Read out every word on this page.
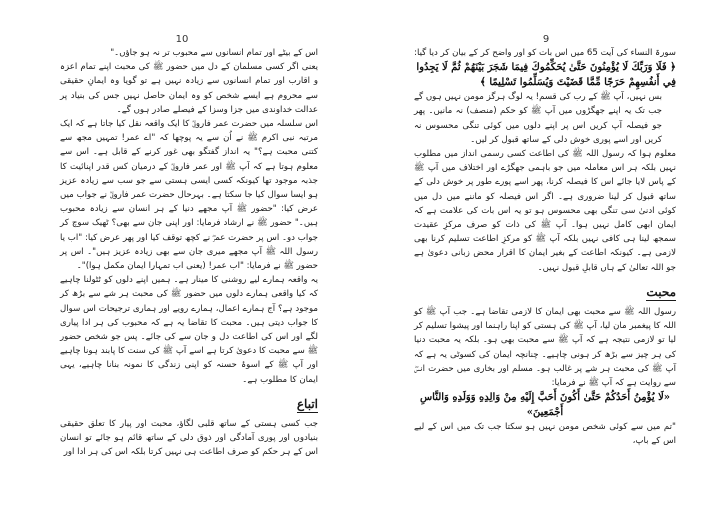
10

اس کے بیٹے اور تمام انسانوں سے محبوب تر نہ ہو جاؤں۔"

یعنی اگر کسی مسلمان کے دل میں حضور ﷺ کی محبت اپنے تمام اعزہ و اقارب اور تمام انسانوں سے زیادہ نہیں ہے تو گویا وہ ایمانِ حقیقی سے محروم ہے ایسے شخص کو وہ ایمان حاصل نہیں جس کی بنیاد پر عدالت خداوندی میں جزا وسزا کے فیصلے صادر ہوں گے۔

اس سلسلہ میں حضرت عمر فاروقؓ کا ایک واقعہ نقل کیا جاتا ہے کہ ایک مرتبہ نبی اکرم ﷺ نے اُن سے یہ پوچھا کہ "اے عمر! تمہیں مجھ سے کتنی محبت ہے؟" یہ انداز گفتگو بھی غور کرنے کے قابل ہے۔ اس سے معلوم ہوتا ہے کہ آپ ﷺ اور عمر فاروقؓ کے درمیان کس قدر اپنائیت کا جذبہ موجود تھا کیونکہ کسی ایسی ہستی سے جو سب سے زیادہ عزیز ہو ایسا سوال کیا جا سکتا ہے۔ بہرحال حضرت عمر فاروقؓ نے جواب میں عرض کیا: "حضور ﷺ آپ مجھے دنیا کے ہر انسان سے زیادہ محبوب ہیں۔" حضور ﷺ نے ارشاد فرمایا: اور اپنی جان سے بھی؟ ٹھیک سوچ کر جواب دو۔ اس پر حضرت عمرؓ نے کچھ توقف کیا اور پھر عرض کیا: "اب یا رسول اللہ ﷺ آپ مجھے میری جان سے بھی زیادہ عزیز ہیں"۔ اس پر حضور ﷺ نے فرمایا: "اب عمر! (یعنی اب تمہارا ایمان مکمل ہوا)"۔

یہ واقعہ ہمارے لیے روشنی کا مینار ہے۔ ہمیں اپنے دلوں کو ٹٹولنا چاہیے کہ کیا واقعی ہمارے دلوں میں حضور ﷺ کی محبت ہر شے سے بڑھ کر موجود ہے؟ آج ہمارے اعمال، ہمارے رویے اور ہماری ترجیحات اس سوال کا جواب دیتی ہیں۔ محبت کا تقاضا یہ ہے کہ محبوب کی ہر ادا پیاری لگے اور اس کی اطاعت دل و جان سے کی جائے۔ پس جو شخص حضور ﷺ سے محبت کا دعویٰ کرتا ہے اسے آپ ﷺ کی سنت کا پابند ہونا چاہیے اور آپ ﷺ کے اسوۂ حسنہ کو اپنی زندگی کا نمونہ بنانا چاہیے، یہی ایمان کا مطلوب ہے۔

اتباع

جب کسی ہستی کے ساتھ قلبی لگاؤ، محبت اور پیار کا تعلق حقیقی بنیادوں اور پوری آمادگی اور ذوق دلی کے ساتھ قائم ہو جائے تو انسان اس کے ہر حکم کو صرف اطاعت ہی نہیں کرتا بلکہ اس کی ہر ادا اور

9

سورۃ النساء کی آیت 65 میں اس بات کو اور واضح کر کے بیان کر دیا گیا:

﴿ فَلَا وَرَبِّكَ لَا يُؤْمِنُونَ حَتَّىٰ يُحَكِّمُوكَ فِيمَا شَجَرَ بَيْنَهُمْ ثُمَّ لَا يَجِدُوا فِي أَنفُسِهِمْ حَرَجًا مِّمَّا قَضَيْتَ وَيُسَلِّمُوا تَسْلِيمًا ﴾

بس نہیں، آپ ﷺ کے رب کی قسم! یہ لوگ ہرگز مومن نہیں ہوں گے جب تک یہ اپنے جھگڑوں میں آپ ﷺ کو حکم (منصف) نہ مانیں۔ پھر جو فیصلہ آپ کریں اس پر اپنے دلوں میں کوئی تنگی محسوس نہ کریں اور اسے پوری خوش دلی کے ساتھ قبول کر لیں۔

معلوم ہوا کہ رسول اللہ ﷺ کی اطاعت کسی رسمی انداز میں مطلوب نہیں بلکہ ہر اس معاملہ میں جو باہمی جھگڑے اور اختلاف میں آپ ﷺ کے پاس لایا جائے اس کا فیصلہ کرنا، پھر اسے پورے طور پر خوش دلی کے ساتھ قبول کر لینا ضروری ہے۔ اگر اس فیصلہ کو ماننے میں دل میں کوئی ادنیٰ سی تنگی بھی محسوس ہو تو یہ اس بات کی علامت ہے کہ ایمان ابھی کامل نہیں ہوا۔ آپ ﷺ کی ذات کو صرف مرکزِ عقیدت سمجھ لینا ہی کافی نہیں بلکہ آپ ﷺ کو مرکزِ اطاعت تسلیم کرنا بھی لازمی ہے۔ کیونکہ اطاعت کے بغیر ایمان کا اقرار محض زبانی دعویٰ ہے جو اللہ تعالیٰ کے ہاں قابلِ قبول نہیں۔

محبت

رسول اللہ ﷺ سے محبت بھی ایمان کا لازمی تقاضا ہے۔ جب آپ ﷺ کو اللہ کا پیغمبر مان لیا، آپ ﷺ کی ہستی کو اپنا راہنما اور پیشوا تسلیم کر لیا تو لازمی نتیجہ ہے کہ آپ ﷺ سے محبت بھی ہو۔ بلکہ یہ محبت دنیا کی ہر چیز سے بڑھ کر ہونی چاہیے۔ چنانچہ ایمان کی کسوٹی یہ ہے کہ آپ ﷺ کی محبت ہر شے پر غالب ہو۔ مسلم اور بخاری میں حضرت انسؓ سے روایت ہے کہ آپ ﷺ نے فرمایا:

«لَا يُؤْمِنُ أَحَدُكُمْ حَتَّىٰ أَكُونَ أَحَبَّ إِلَيْهِ مِنْ وَالِدِهِ وَوَلَدِهِ وَالنَّاسِ أَجْمَعِينَ»

"تم میں سے کوئی شخص مومن نہیں ہو سکتا جب تک میں اس کے لیے اس کے باپ،
